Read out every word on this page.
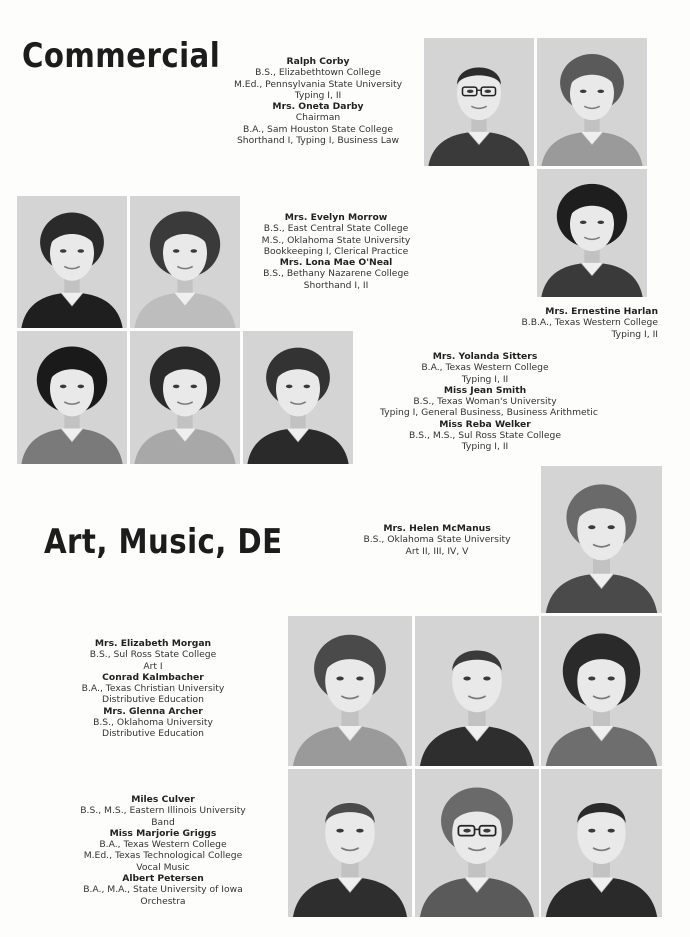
Commercial
Art, Music, DE
Ralph Corby
B.S., Elizabethtown College
M.Ed., Pennsylvania State University
Typing I, II
Mrs. Oneta Darby
Chairman
B.A., Sam Houston State College
Shorthand I, Typing I, Business Law
Mrs. Evelyn Morrow
B.S., East Central State College
M.S., Oklahoma State University
Bookkeeping I, Clerical Practice
Mrs. Lona Mae O'Neal
B.S., Bethany Nazarene College
Shorthand I, II
Mrs. Ernestine Harlan
B.B.A., Texas Western College
Typing I, II
Mrs. Yolanda Sitters
B.A., Texas Western College
Typing I, II
Miss Jean Smith
B.S., Texas Woman's University
Typing I, General Business, Business Arithmetic
Miss Reba Welker
B.S., M.S., Sul Ross State College
Typing I, II
Mrs. Helen McManus
B.S., Oklahoma State University
Art II, III, IV, V
Mrs. Elizabeth Morgan
B.S., Sul Ross State College
Art I
Conrad Kalmbacher
B.A., Texas Christian University
Distributive Education
Mrs. Glenna Archer
B.S., Oklahoma University
Distributive Education
Miles Culver
B.S., M.S., Eastern Illinois University
Band
Miss Marjorie Griggs
B.A., Texas Western College
M.Ed., Texas Technological College
Vocal Music
Albert Petersen
B.A., M.A., State University of Iowa
Orchestra
